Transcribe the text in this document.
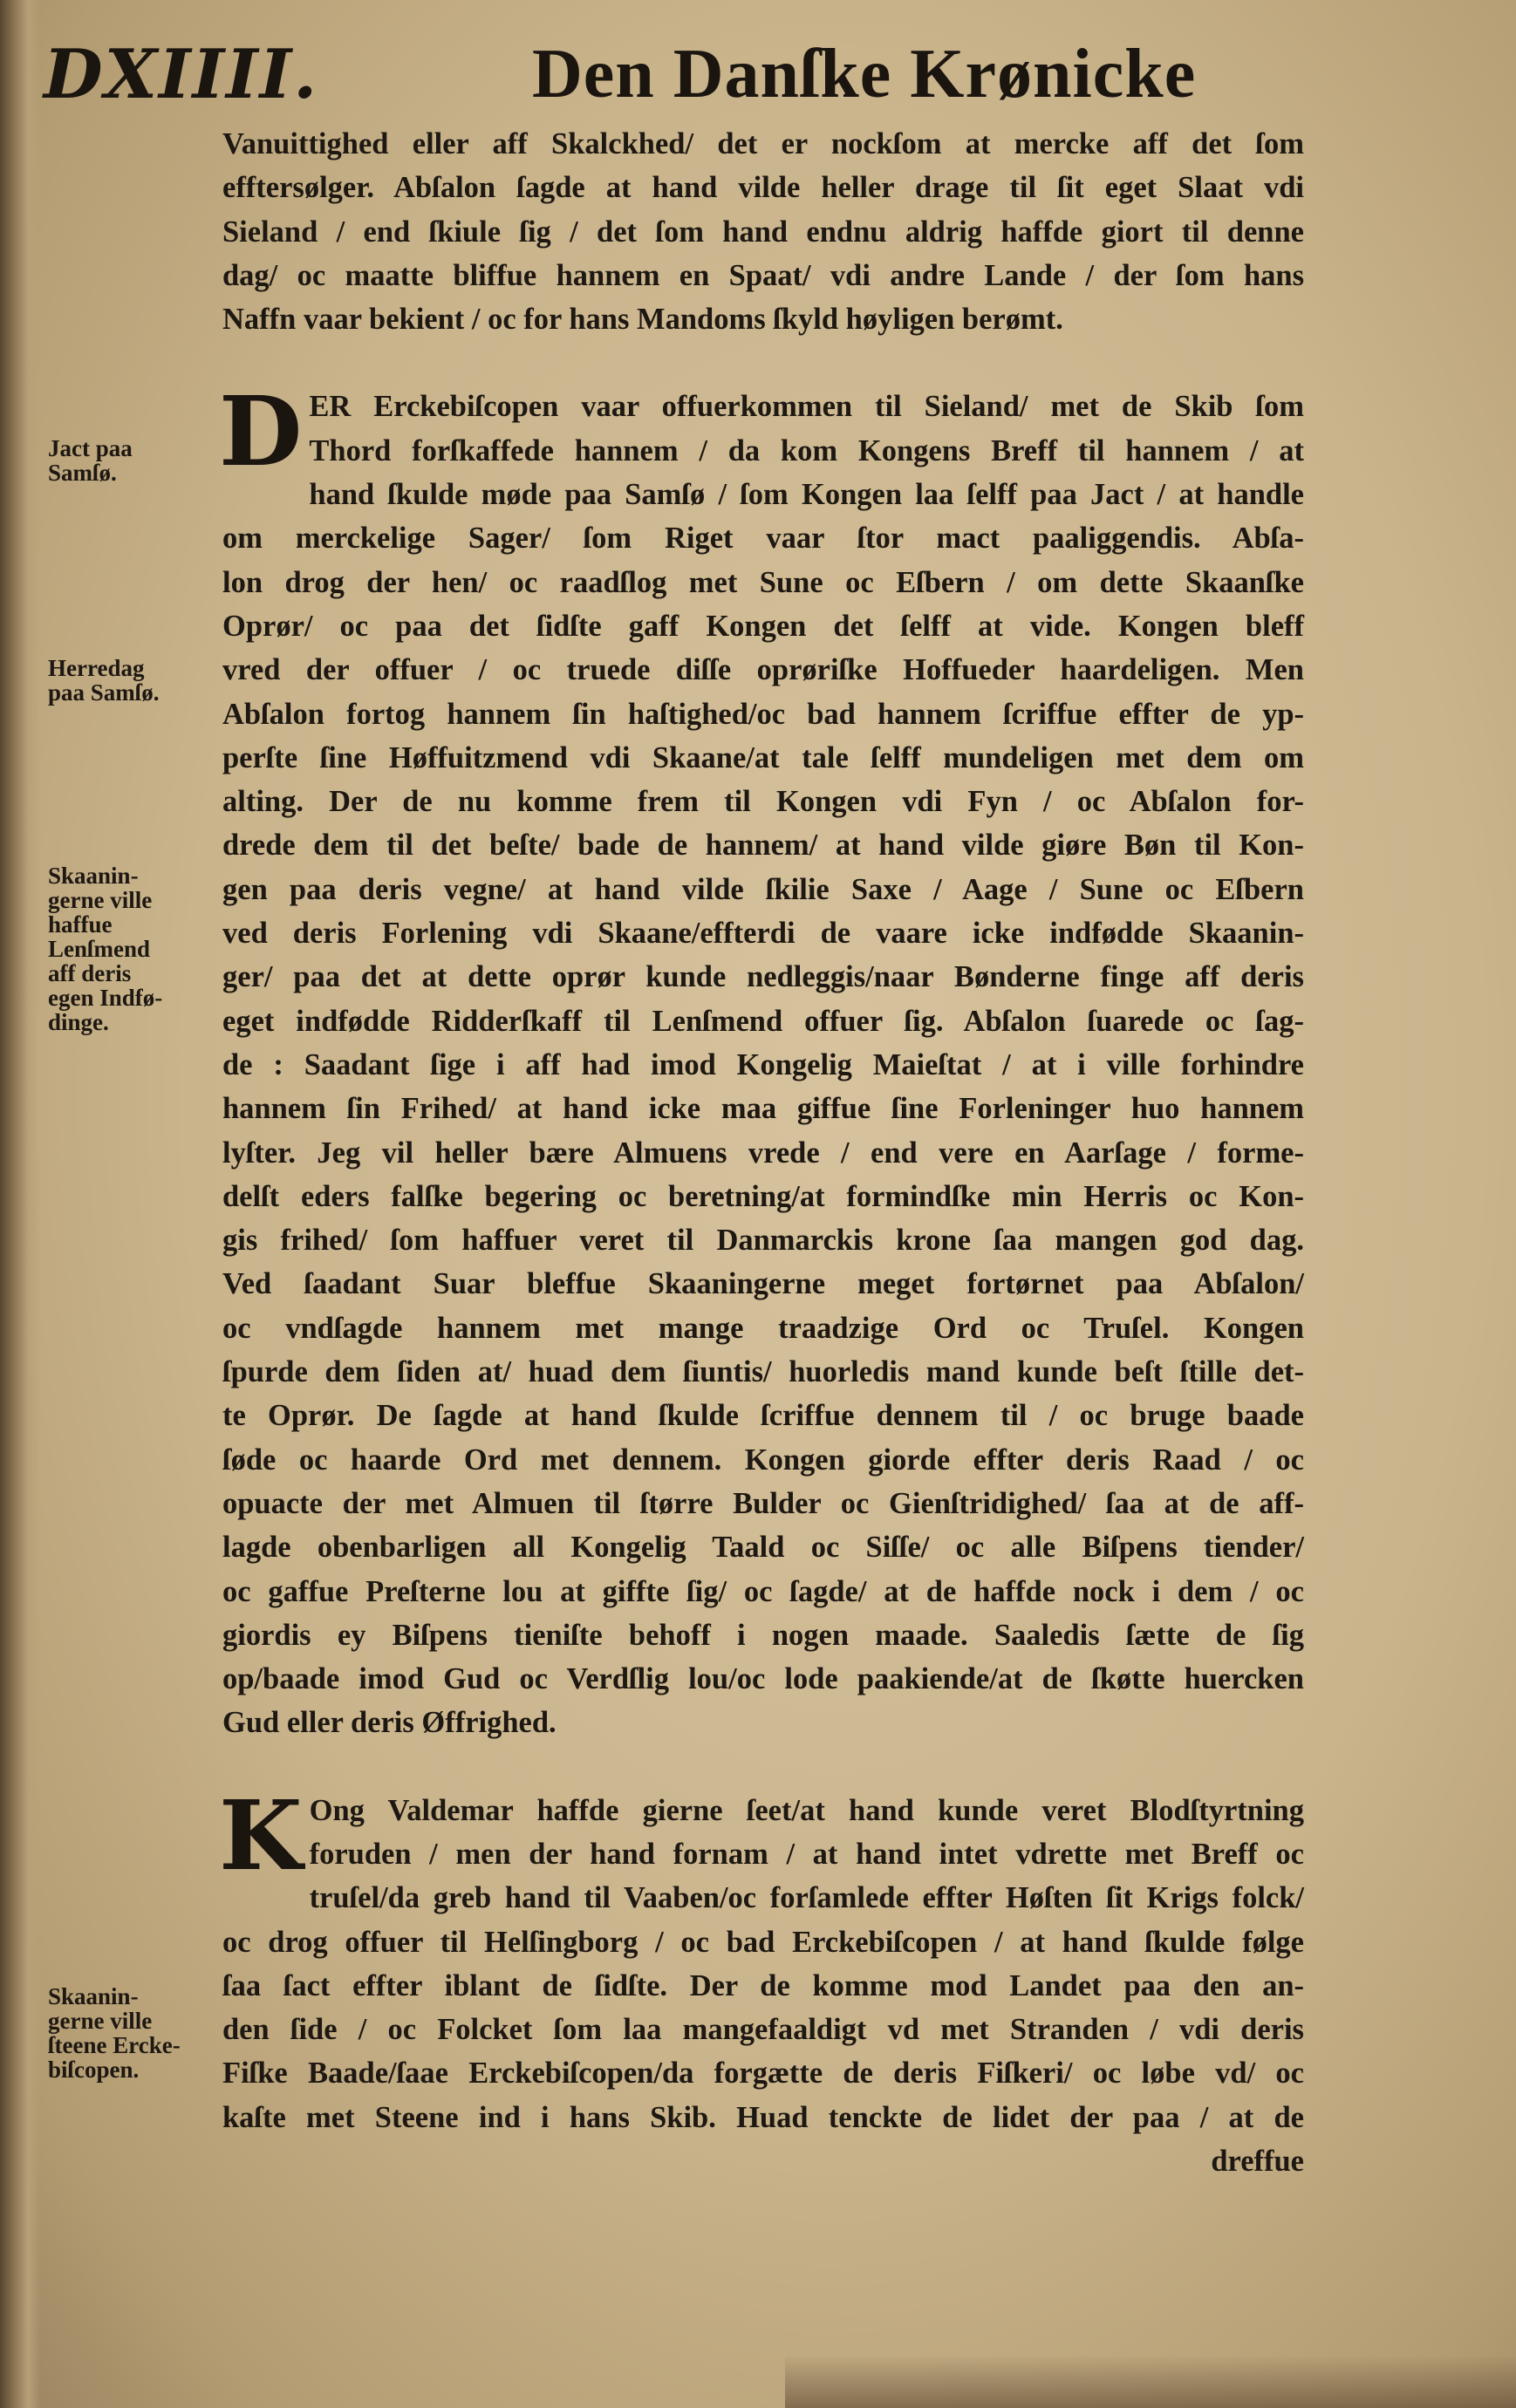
DXIIII.	Den Danſke Krønicke
Vanuittighed eller aff Skalckhed/ det er nockſom at mercke aff det ſom
efftersølger. Abſalon ſagde at hand vilde heller drage til ſit eget Slaat vdi
Sieland / end ſkiule ſig / det ſom hand endnu aldrig haffde giort til denne
dag/ oc maatte bliffue hannem en Spaat/ vdi andre Lande / der ſom hans
Naffn vaar bekient / oc for hans Mandoms ſkyld høyligen berømt.
D ER Erckebiſcopen vaar offuerkommen til Sieland/ met de Skib ſom
Thord forſkaffede hannem / da kom Kongens Breff til hannem / at
hand ſkulde møde paa Samſø / ſom Kongen laa ſelff paa Jact / at handle
om merckelige Sager/ ſom Riget vaar ſtor mact paaliggendis. Abſa-
lon drog der hen/ oc raadſlog met Sune oc Eſbern / om dette Skaanſke
Oprør/ oc paa det ſidſte gaff Kongen det ſelff at vide. Kongen bleff
vred der offuer / oc truede diſſe oprøriſke Hoffueder haardeligen. Men
Abſalon fortog hannem ſin haſtighed/oc bad hannem ſcriffue effter de yp-
perſte ſine Høffuitzmend vdi Skaane/at tale ſelff mundeligen met dem om
alting. Der de nu komme frem til Kongen vdi Fyn / oc Abſalon for-
drede dem til det beſte/ bade de hannem/ at hand vilde giøre Bøn til Kon-
gen paa deris vegne/ at hand vilde ſkilie Saxe / Aage / Sune oc Eſbern
ved deris Forlening vdi Skaane/effterdi de vaare icke indfødde Skaanin-
ger/ paa det at dette oprør kunde nedleggis/naar Bønderne finge aff deris
eget indfødde Ridderſkaff til Lenſmend offuer ſig. Abſalon ſuarede oc ſag-
de : Saadant ſige i aff had imod Kongelig Maieſtat / at i ville forhindre
hannem ſin Frihed/ at hand icke maa giffue ſine Forleninger huo hannem
lyſter. Jeg vil heller bære Almuens vrede / end vere en Aarſage / forme-
delſt eders falſke begering oc beretning/at formindſke min Herris oc Kon-
gis frihed/ ſom haffuer veret til Danmarckis krone ſaa mangen god dag.
Ved ſaadant Suar bleffue Skaaningerne meget fortørnet paa Abſalon/
oc vndſagde hannem met mange traadzige Ord oc Truſel. Kongen
ſpurde dem ſiden at/ huad dem ſiuntis/ huorledis mand kunde beſt ſtille det-
te Oprør. De ſagde at hand ſkulde ſcriffue dennem til / oc bruge baade
ſøde oc haarde Ord met dennem. Kongen giorde effter deris Raad / oc
opuacte der met Almuen til ſtørre Bulder oc Gienſtridighed/ ſaa at de aff-
lagde obenbarligen all Kongelig Taald oc Siſſe/ oc alle Biſpens tiender/
oc gaffue Preſterne lou at giffte ſig/ oc ſagde/ at de haffde nock i dem / oc
giordis ey Biſpens tieniſte behoff i nogen maade. Saaledis ſætte de ſig
op/baade imod Gud oc Verdſlig lou/oc lode paakiende/at de ſkøtte huercken
Gud eller deris Øffrighed.
K Ong Valdemar haffde gierne ſeet/at hand kunde veret Blodſtyrtning
foruden / men der hand fornam / at hand intet vdrette met Breff oc
truſel/da greb hand til Vaaben/oc forſamlede effter Høſten ſit Krigs folck/
oc drog offuer til Helſingborg / oc bad Erckebiſcopen / at hand ſkulde følge
ſaa ſact effter iblant de ſidſte. Der de komme mod Landet paa den an-
den ſide / oc Folcket ſom laa mangefaaldigt vd met Stranden / vdi deris
Fiſke Baade/ſaae Erckebiſcopen/da forgætte de deris Fiſkeri/ oc løbe vd/ oc
kaſte met Steene ind i hans Skib. Huad tenckte de lidet der paa / at de
dreffue
Jact paa
Samſø.
Herredag
paa Samſø.
Skaanin-
gerne ville
haffue
Lenſmend
aff deris
egen Indfø-
dinge.
Skaanin-
gerne ville
ſteene Ercke-
biſcopen.
